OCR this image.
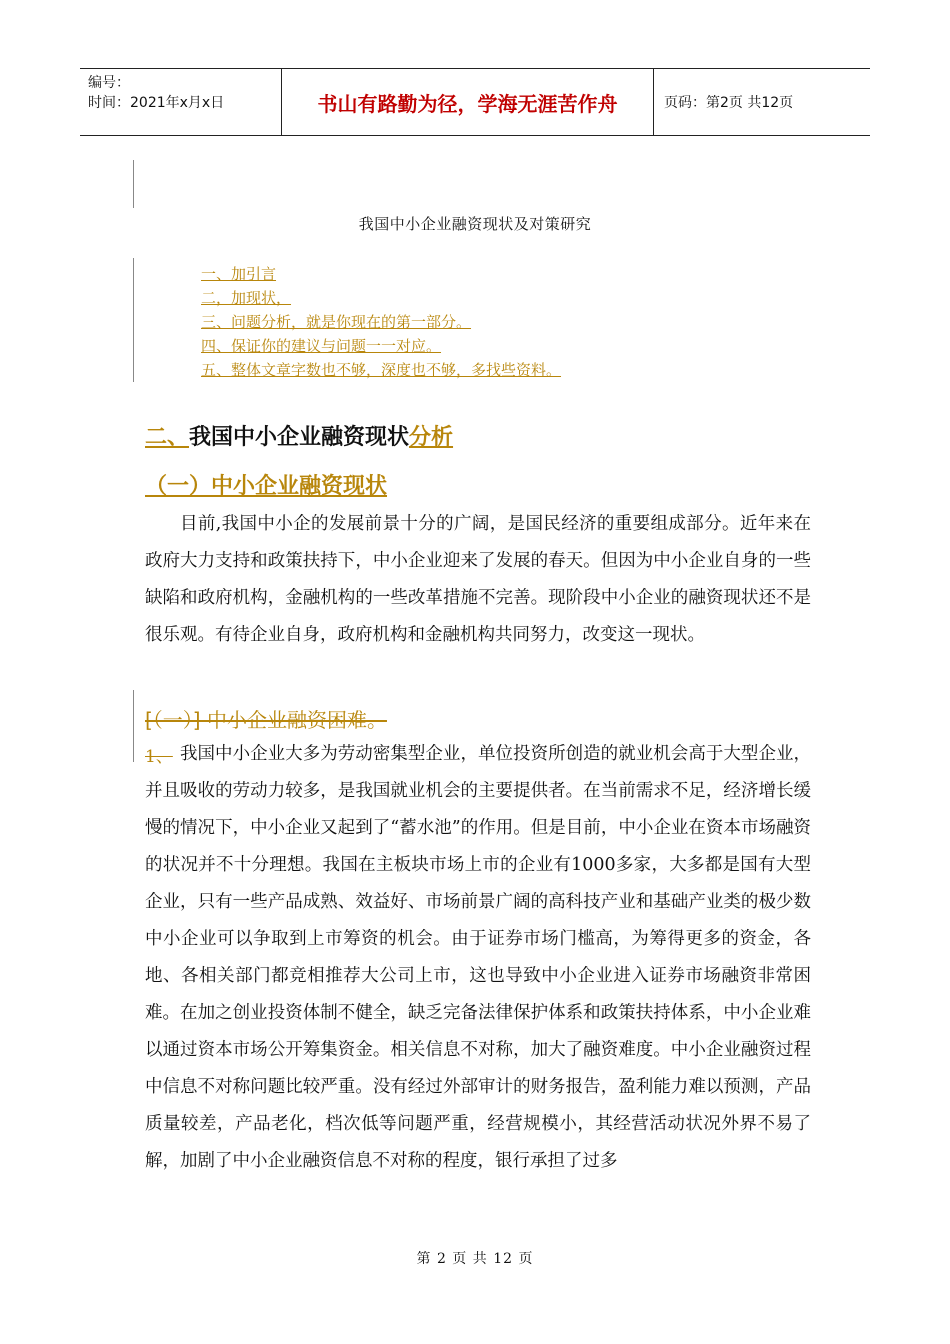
编号：
时间：2021年x月x日	书山有路勤为径，学海无涯苦作舟	页码：第2页 共12页
我国中小企业融资现状及对策研究
一、加引言
二，加现状，
三、问题分析，就是你现在的第一部分。
四、保证你的建议与问题一一对应。
五、整体文章字数也不够，深度也不够，多找些资料。
二、我国中小企业融资现状分析
（一）中小企业融资现状
目前,我国中小企的发展前景十分的广阔，是国民经济的重要组成部分。近年来在政府大力支持和政策扶持下，中小企业迎来了发展的春天。但因为中小企业自身的一些缺陷和政府机构，金融机构的一些改革措施不完善。现阶段中小企业的融资现状还不是很乐观。有待企业自身，政府机构和金融机构共同努力，改变这一现状。
[（一）] 中小企业融资困难。
1、 我国中小企业大多为劳动密集型企业，单位投资所创造的就业机会高于大型企业，并且吸收的劳动力较多，是我国就业机会的主要提供者。在当前需求不足，经济增长缓慢的情况下，中小企业又起到了“蓄水池”的作用。但是目前，中小企业在资本市场融资的状况并不十分理想。我国在主板块市场上市的企业有1000多家，大多都是国有大型企业，只有一些产品成熟、效益好、市场前景广阔的高科技产业和基础产业类的极少数中小企业可以争取到上市筹资的机会。由于证券市场门槛高，为筹得更多的资金，各地、各相关部门都竞相推荐大公司上市，这也导致中小企业进入证券市场融资非常困难。在加之创业投资体制不健全，缺乏完备法律保护体系和政策扶持体系，中小企业难以通过资本市场公开筹集资金。相关信息不对称，加大了融资难度。中小企业融资过程中信息不对称问题比较严重。没有经过外部审计的财务报告，盈利能力难以预测，产品质量较差，产品老化，档次低等问题严重，经营规模小，其经营活动状况外界不易了解，加剧了中小企业融资信息不对称的程度，银行承担了过多
第 2 页 共 12 页
